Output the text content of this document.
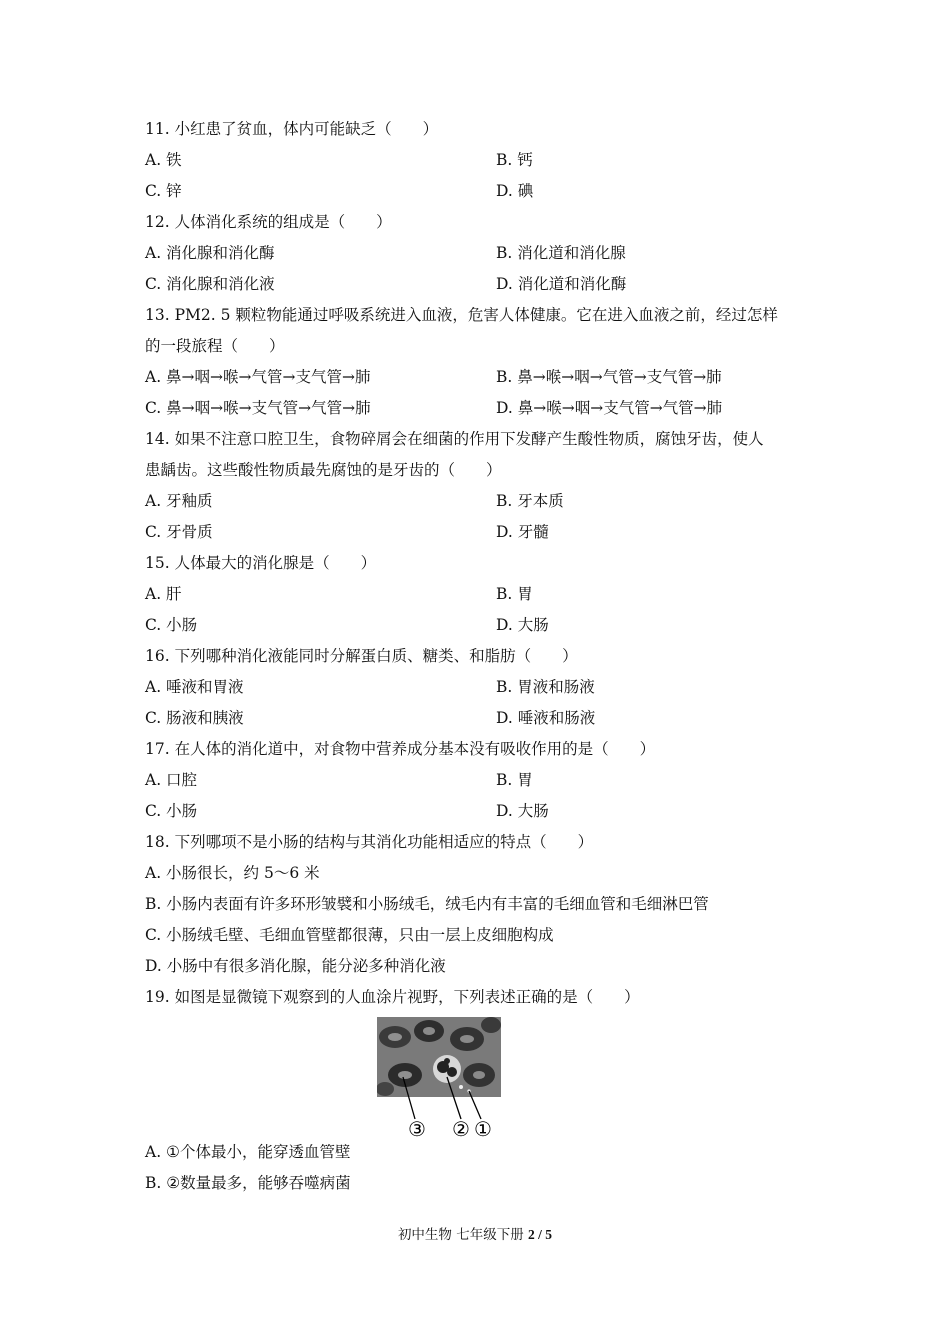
11. 小红患了贫血，体内可能缺乏（　　）
A. 铁	B. 钙
C. 锌	D. 碘
12. 人体消化系统的组成是（　　）
A. 消化腺和消化酶	B. 消化道和消化腺
C. 消化腺和消化液	D. 消化道和消化酶
13. PM2. 5 颗粒物能通过呼吸系统进入血液，危害人体健康。它在进入血液之前，经过怎样
的一段旅程（　　）
A. 鼻→咽→喉→气管→支气管→肺	B. 鼻→喉→咽→气管→支气管→肺
C. 鼻→咽→喉→支气管→气管→肺	D. 鼻→喉→咽→支气管→气管→肺
14. 如果不注意口腔卫生，食物碎屑会在细菌的作用下发酵产生酸性物质，腐蚀牙齿，使人
患龋齿。这些酸性物质最先腐蚀的是牙齿的（　　）
A. 牙釉质	B. 牙本质
C. 牙骨质	D. 牙髓
15. 人体最大的消化腺是（　　）
A. 肝	B. 胃
C. 小肠	D. 大肠
16. 下列哪种消化液能同时分解蛋白质、糖类、和脂肪（　　）
A. 唾液和胃液	B. 胃液和肠液
C. 肠液和胰液	D. 唾液和肠液
17. 在人体的消化道中，对食物中营养成分基本没有吸收作用的是（　　）
A. 口腔	B. 胃
C. 小肠	D. 大肠
18. 下列哪项不是小肠的结构与其消化功能相适应的特点（　　）
A. 小肠很长，约 5～6 米
B. 小肠内表面有许多环形皱襞和小肠绒毛，绒毛内有丰富的毛细血管和毛细淋巴管
C. 小肠绒毛壁、毛细血管壁都很薄，只由一层上皮细胞构成
D. 小肠中有很多消化腺，能分泌多种消化液
19. 如图是显微镜下观察到的人血涂片视野，下列表述正确的是（　　）
③ ② ①
A. ①个体最小，能穿透血管壁
B. ②数量最多，能够吞噬病菌
初中生物 七年级下册 2 / 5
